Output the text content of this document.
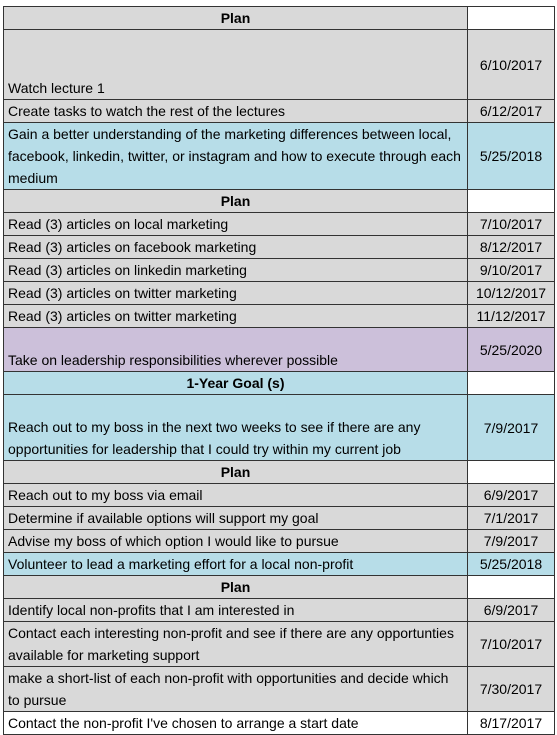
Plan	
Watch lecture 1	6/10/2017
Create tasks to watch the rest of the lectures	6/12/2017
Gain a better understanding of the marketing differences between local, facebook, linkedin, twitter, or instagram and how to execute through each medium	5/25/2018
Plan	
Read (3) articles on local marketing	7/10/2017
Read (3) articles on facebook marketing	8/12/2017
Read (3) articles on linkedin marketing	9/10/2017
Read (3) articles on twitter marketing	10/12/2017
Read (3) articles on twitter marketing	11/12/2017
Take on leadership responsibilities wherever possible	5/25/2020
1-Year Goal (s)	
Reach out to my boss in the next two weeks to see if there are any opportunities for leadership that I could try within my current job	7/9/2017
Plan	
Reach out to my boss via email	6/9/2017
Determine if available options will support my goal	7/1/2017
Advise my boss of which option I would like to pursue	7/9/2017
Volunteer to lead a marketing effort for a local non-profit	5/25/2018
Plan	
Identify local non-profits that I am interested in	6/9/2017
Contact each interesting non-profit and see if there are any opportunties available for marketing support	7/10/2017
make a short-list of each non-profit with opportunities and decide which to pursue	7/30/2017
Contact the non-profit I've chosen to arrange a start date	8/17/2017
